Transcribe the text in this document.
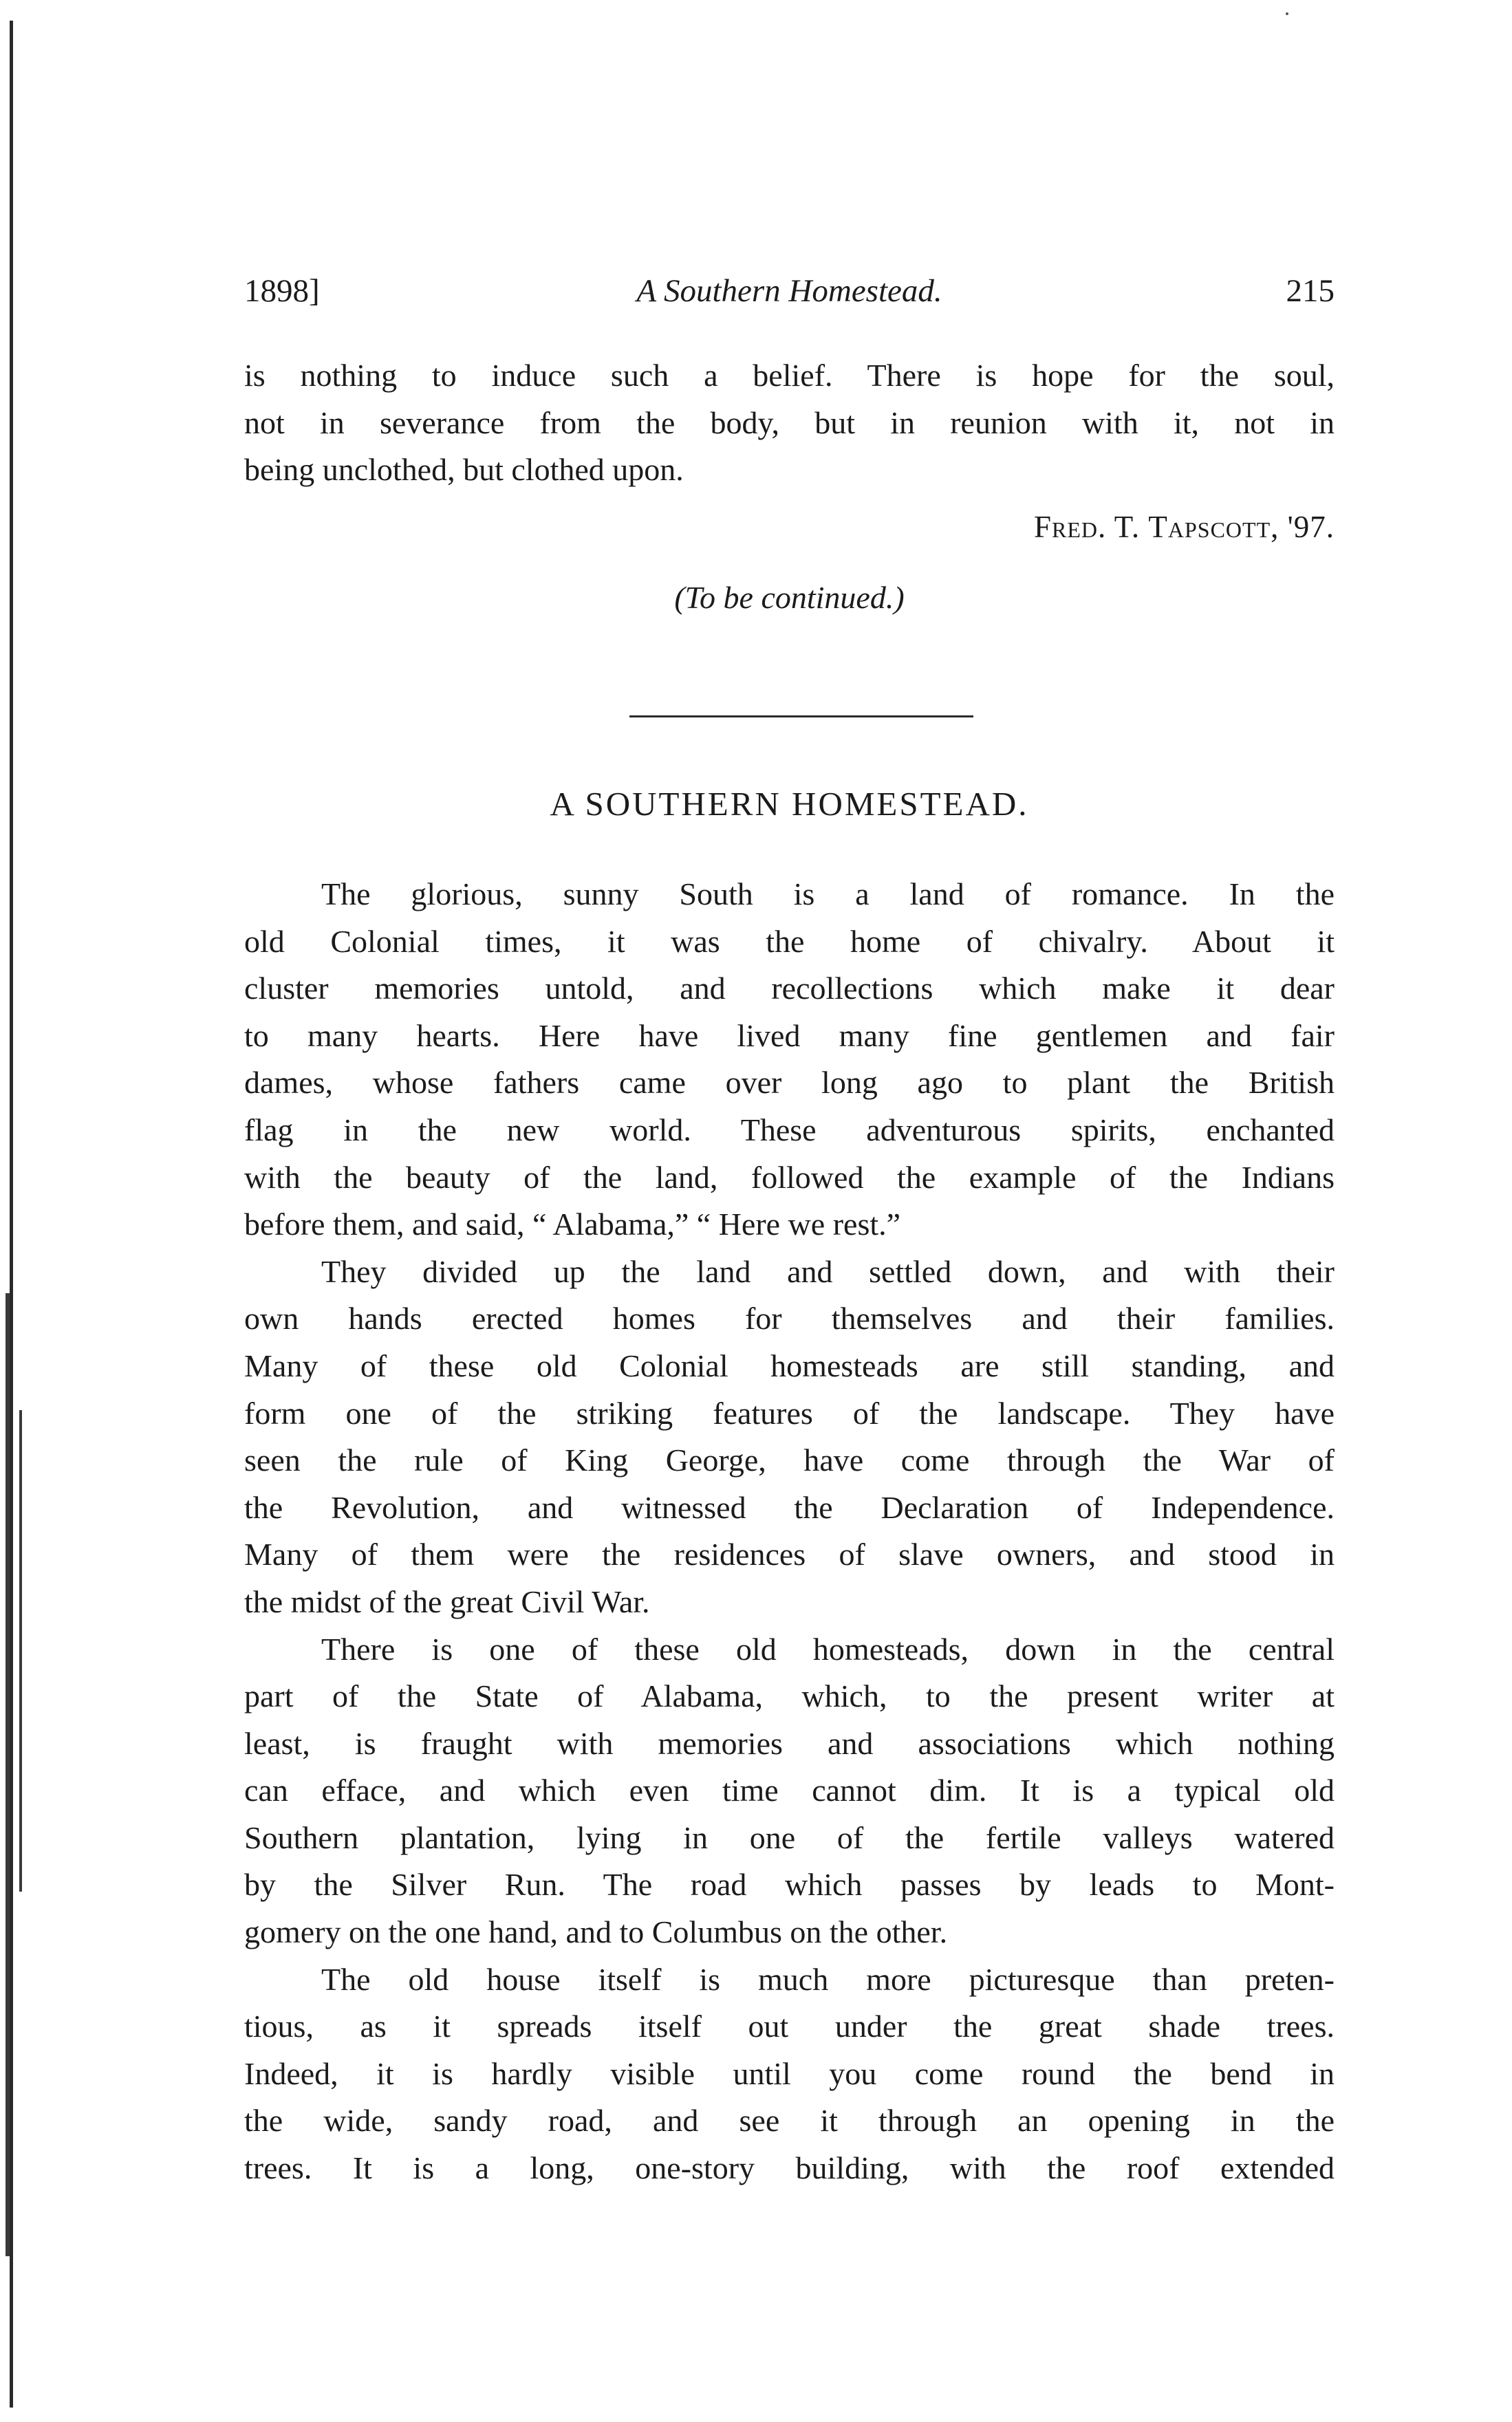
1898]	A Southern Homestead.	215
is nothing to induce such a belief. There is hope for the soul,
not in severance from the body, but in reunion with it, not in
being unclothed, but clothed upon.
Fred. T. Tapscott, '97.
(To be continued.)
A SOUTHERN HOMESTEAD.
The glorious, sunny South is a land of romance. In the
old Colonial times, it was the home of chivalry. About it
cluster memories untold, and recollections which make it dear
to many hearts. Here have lived many fine gentlemen and fair
dames, whose fathers came over long ago to plant the British
flag in the new world. These adventurous spirits, enchanted
with the beauty of the land, followed the example of the Indians
before them, and said, “ Alabama,” “ Here we rest.”
They divided up the land and settled down, and with their
own hands erected homes for themselves and their families.
Many of these old Colonial homesteads are still standing, and
form one of the striking features of the landscape. They have
seen the rule of King George, have come through the War of
the Revolution, and witnessed the Declaration of Independence.
Many of them were the residences of slave owners, and stood in
the midst of the great Civil War.
There is one of these old homesteads, down in the central
part of the State of Alabama, which, to the present writer at
least, is fraught with memories and associations which nothing
can efface, and which even time cannot dim. It is a typical old
Southern plantation, lying in one of the fertile valleys watered
by the Silver Run. The road which passes by leads to Mont-
gomery on the one hand, and to Columbus on the other.
The old house itself is much more picturesque than preten-
tious, as it spreads itself out under the great shade trees.
Indeed, it is hardly visible until you come round the bend in
the wide, sandy road, and see it through an opening in the
trees. It is a long, one-story building, with the roof extended
